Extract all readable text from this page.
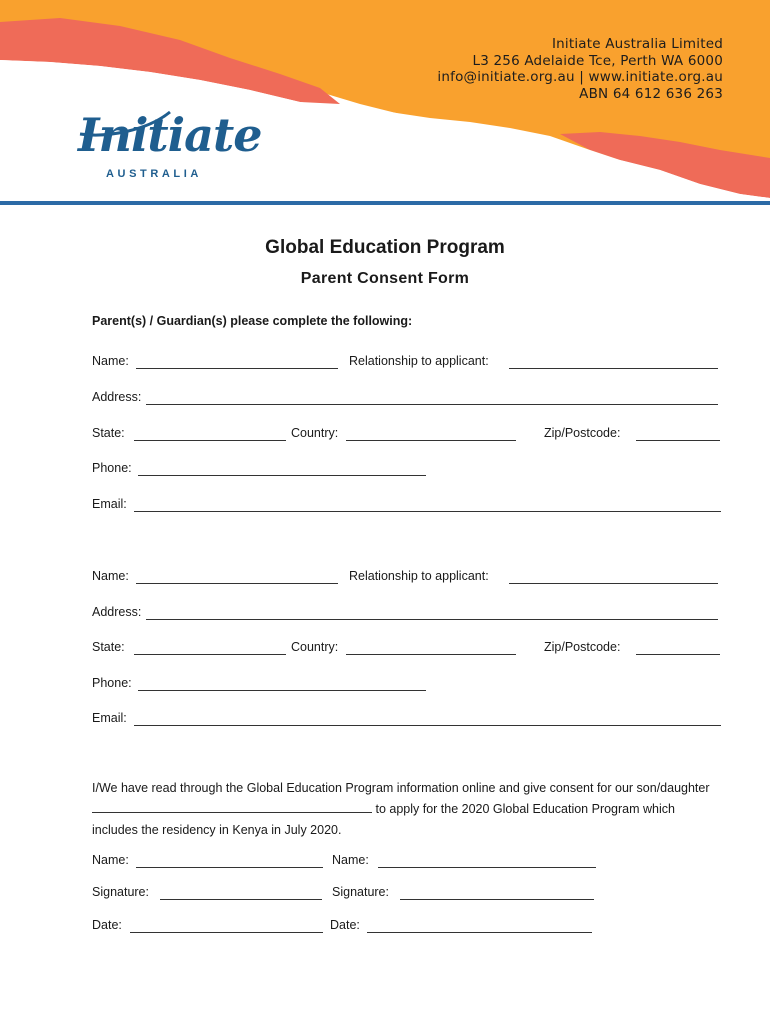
Initiate Australia Limited
L3 256 Adelaide Tce, Perth WA 6000
info@initiate.org.au | www.initiate.org.au
ABN 64 612 636 263
Initiate
AUSTRALIA
Global Education Program
Parent Consent Form
Parent(s) / Guardian(s) please complete the following:
Name:	Relationship to applicant:
Address:
State:	Country:	Zip/Postcode:
Phone:
Email:
Name:	Relationship to applicant:
Address:
State:	Country:	Zip/Postcode:
Phone:
Email:
I/We have read through the Global Education Program information online and give consent for our son/daughter  to apply for the 2020 Global Education Program which includes the residency in Kenya in July 2020.
Name:	Name:
Signature:	Signature:
Date:	Date:
